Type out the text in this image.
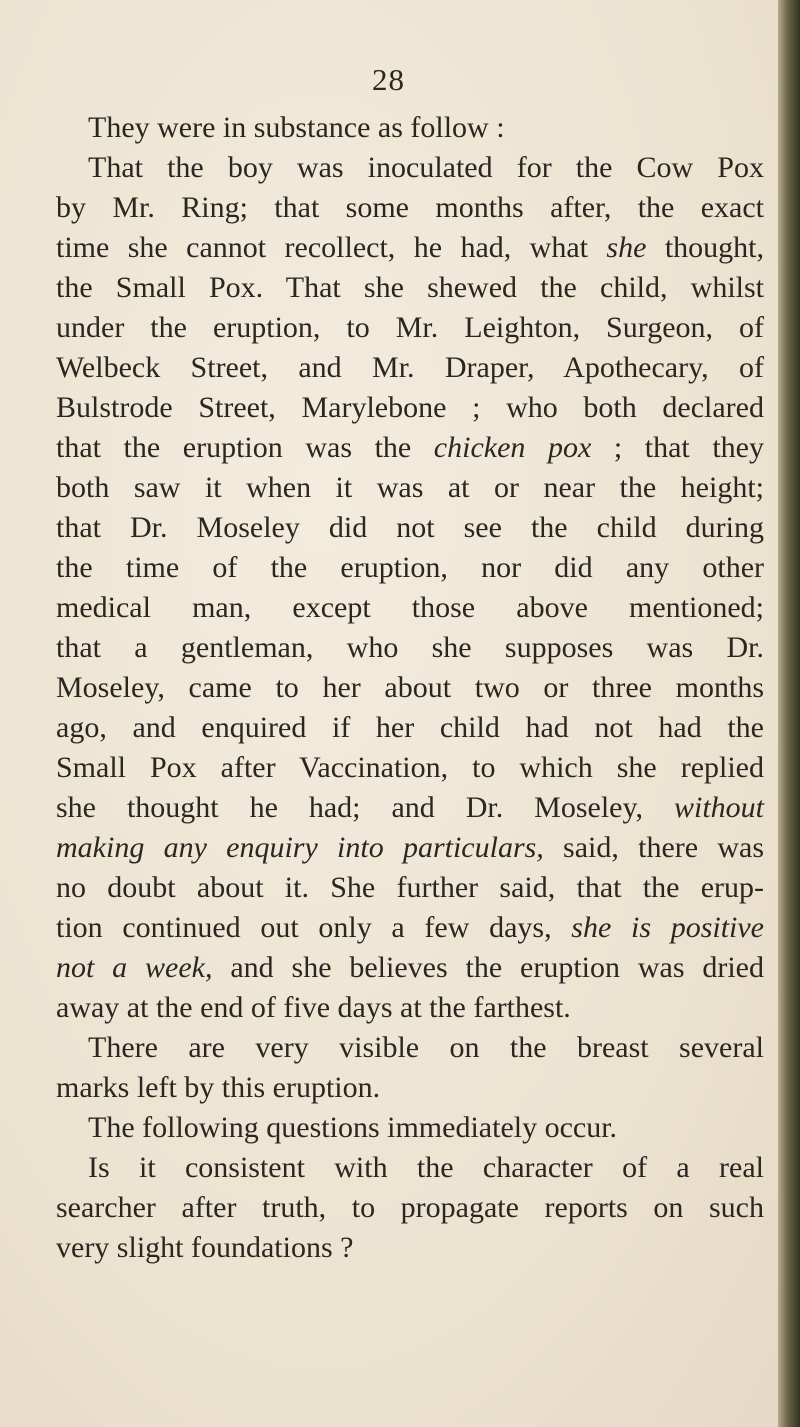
28
They were in substance as follow :
That the boy was inoculated for the Cow Pox
by Mr. Ring; that some months after, the exact
time she cannot recollect, he had, what she thought,
the Small Pox. That she shewed the child, whilst
under the eruption, to Mr. Leighton, Surgeon, of
Welbeck Street, and Mr. Draper, Apothecary, of
Bulstrode Street, Marylebone ; who both declared
that the eruption was the chicken pox ; that they
both saw it when it was at or near the height;
that Dr. Moseley did not see the child during
the time of the eruption, nor did any other
medical man, except those above mentioned;
that a gentleman, who she supposes was Dr.
Moseley, came to her about two or three months
ago, and enquired if her child had not had the
Small Pox after Vaccination, to which she replied
she thought he had; and Dr. Moseley, without
making any enquiry into particulars, said, there was
no doubt about it. She further said, that the erup-
tion continued out only a few days, she is positive
not a week, and she believes the eruption was dried
away at the end of five days at the farthest.
There are very visible on the breast several
marks left by this eruption.
The following questions immediately occur.
Is it consistent with the character of a real
searcher after truth, to propagate reports on such
very slight foundations ?
